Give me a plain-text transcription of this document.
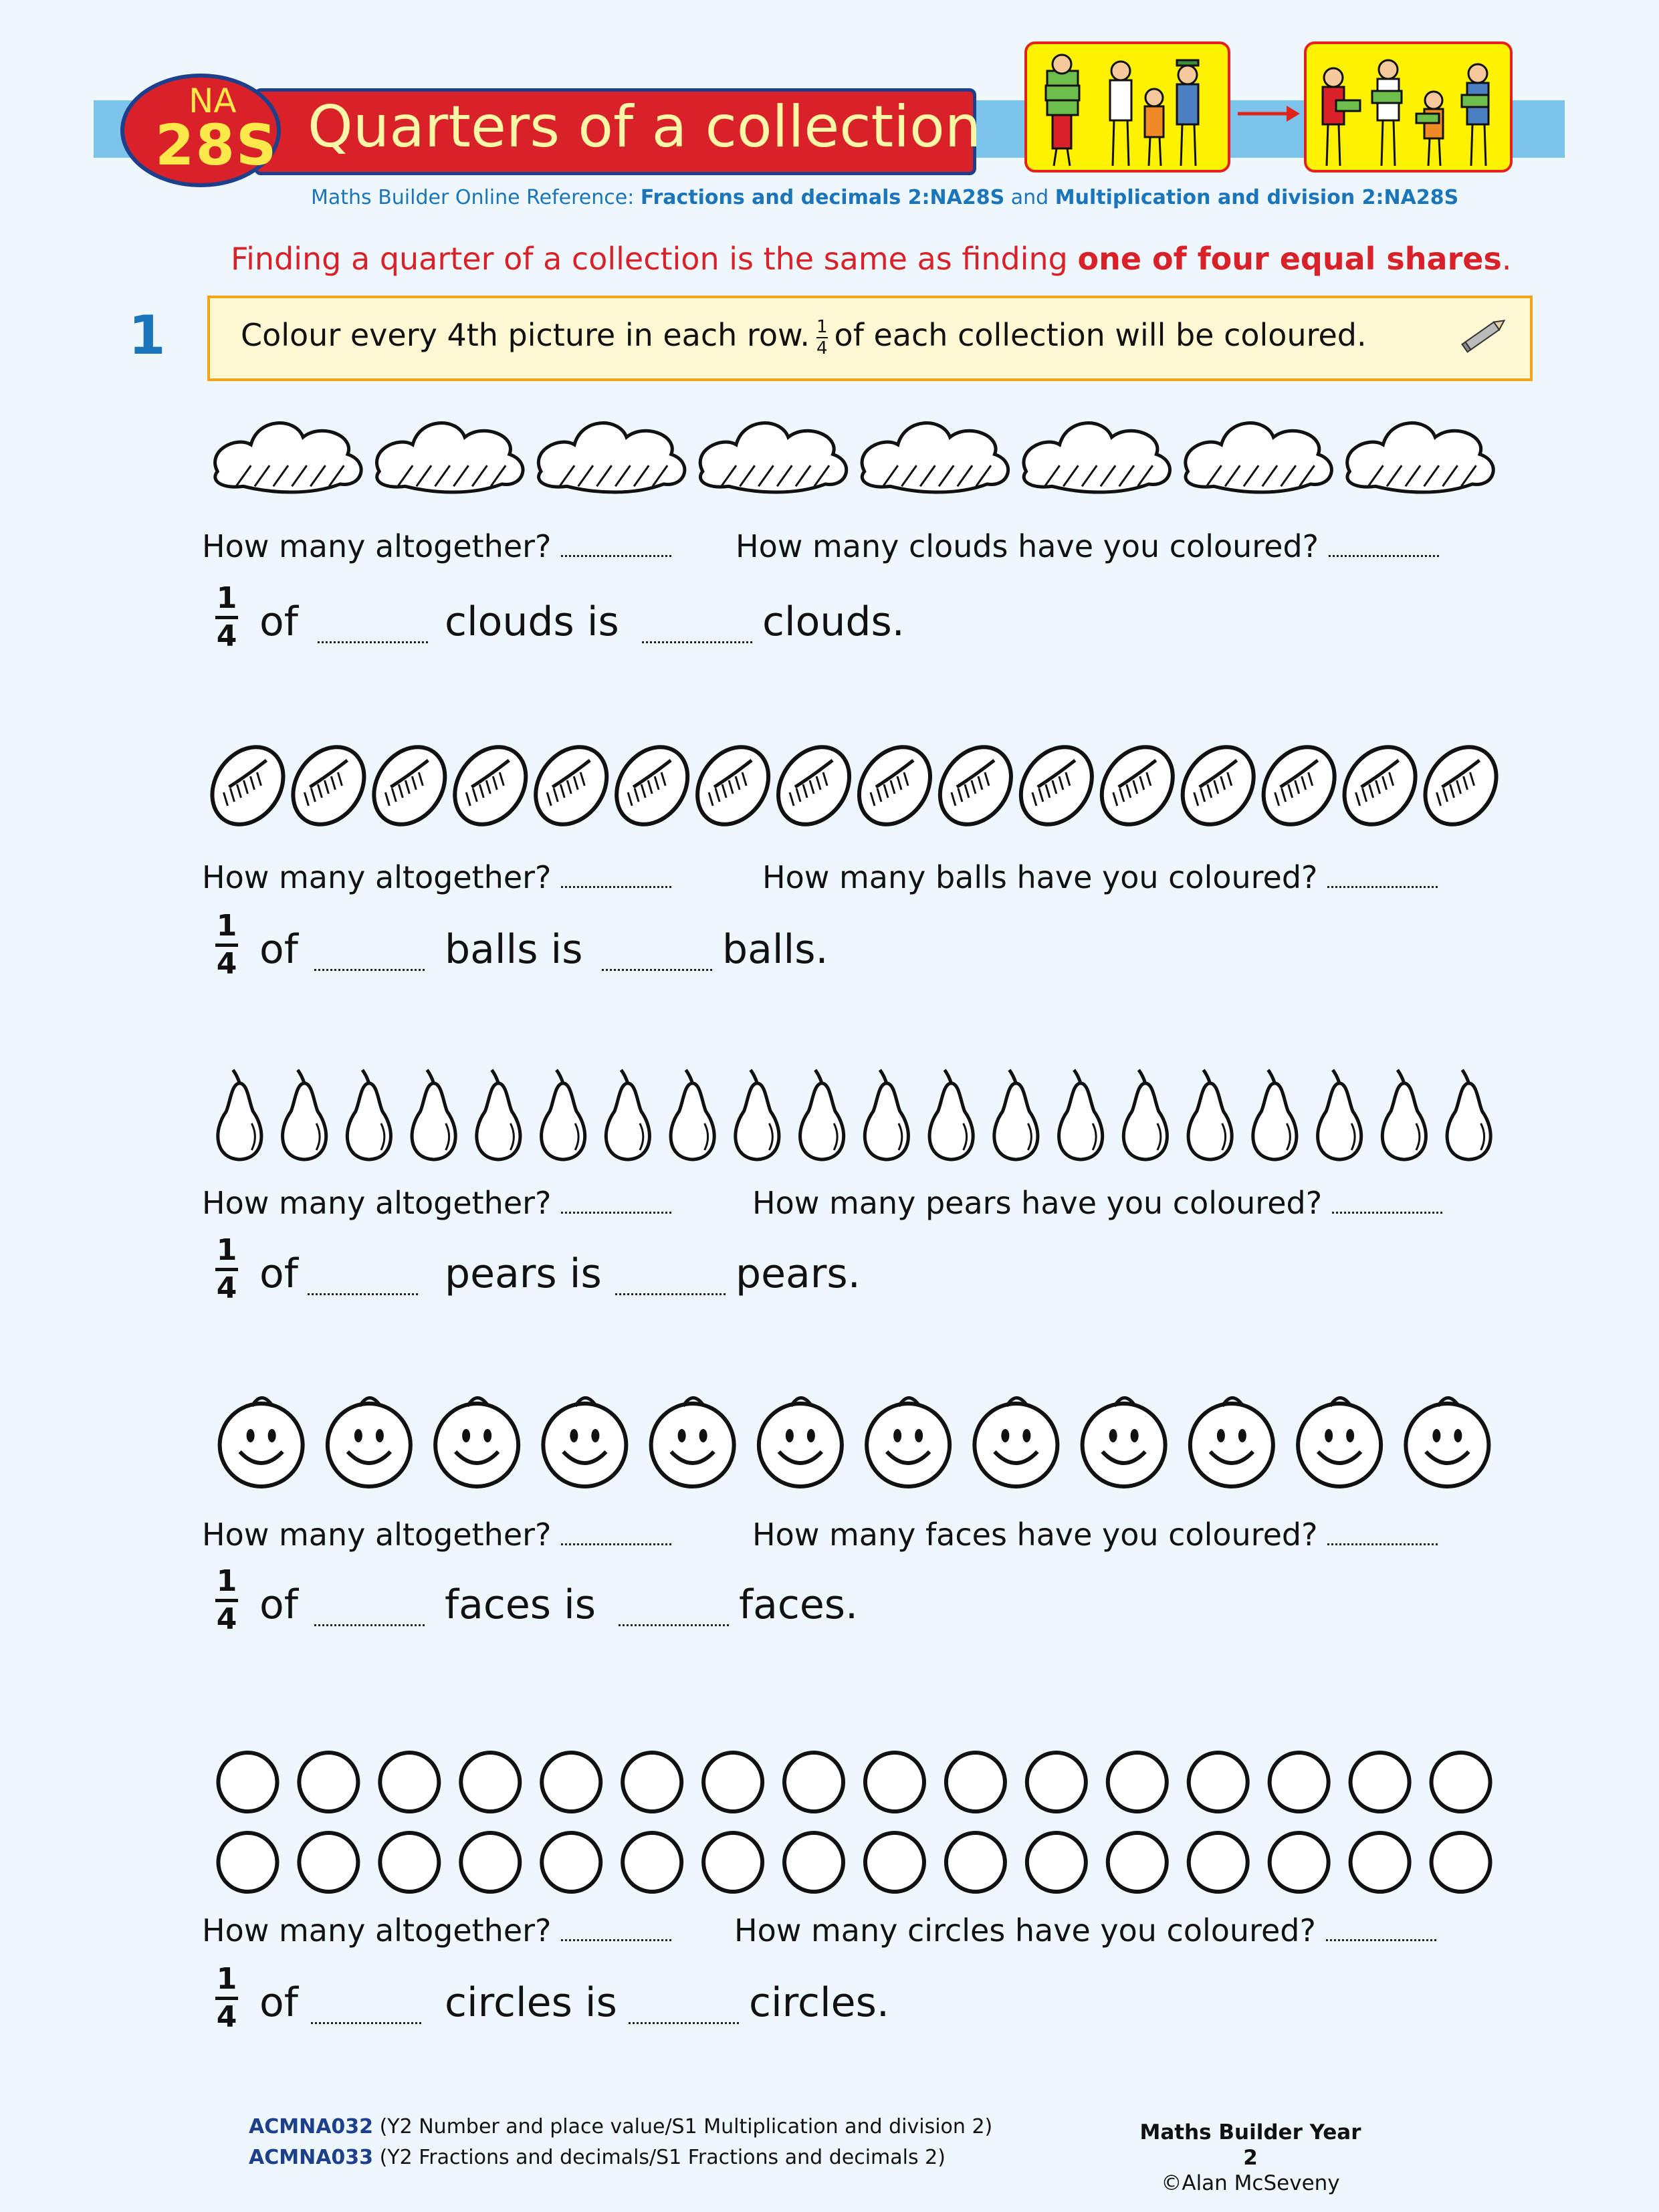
Quarters of a collection
NA
28S
Maths Builder Online Reference: Fractions and decimals 2:NA28S and Multiplication and division 2:NA28S
Finding a quarter of a collection is the same as finding one of four equal shares.
1 Colour every 4th picture in each row. $\frac{1}{4}$ of each collection will be coloured.
How many altogether?	How many clouds have you coloured?
1
4 of	clouds is	clouds.
How many altogether?	How many balls have you coloured?
1
4 of	balls is	balls.
How many altogether?	How many pears have you coloured?
1
4 of	pears is	pears.
How many altogether?	How many faces have you coloured?
1
4 of	faces is	faces.
How many altogether?	How many circles have you coloured?
1
4 of	circles is	circles.
ACMNA032 (Y2 Number and place value/S1 Multiplication and division 2)
ACMNA033 (Y2 Fractions and decimals/S1 Fractions and decimals 2)
Maths Builder Year 2
©Alan McSeveny
